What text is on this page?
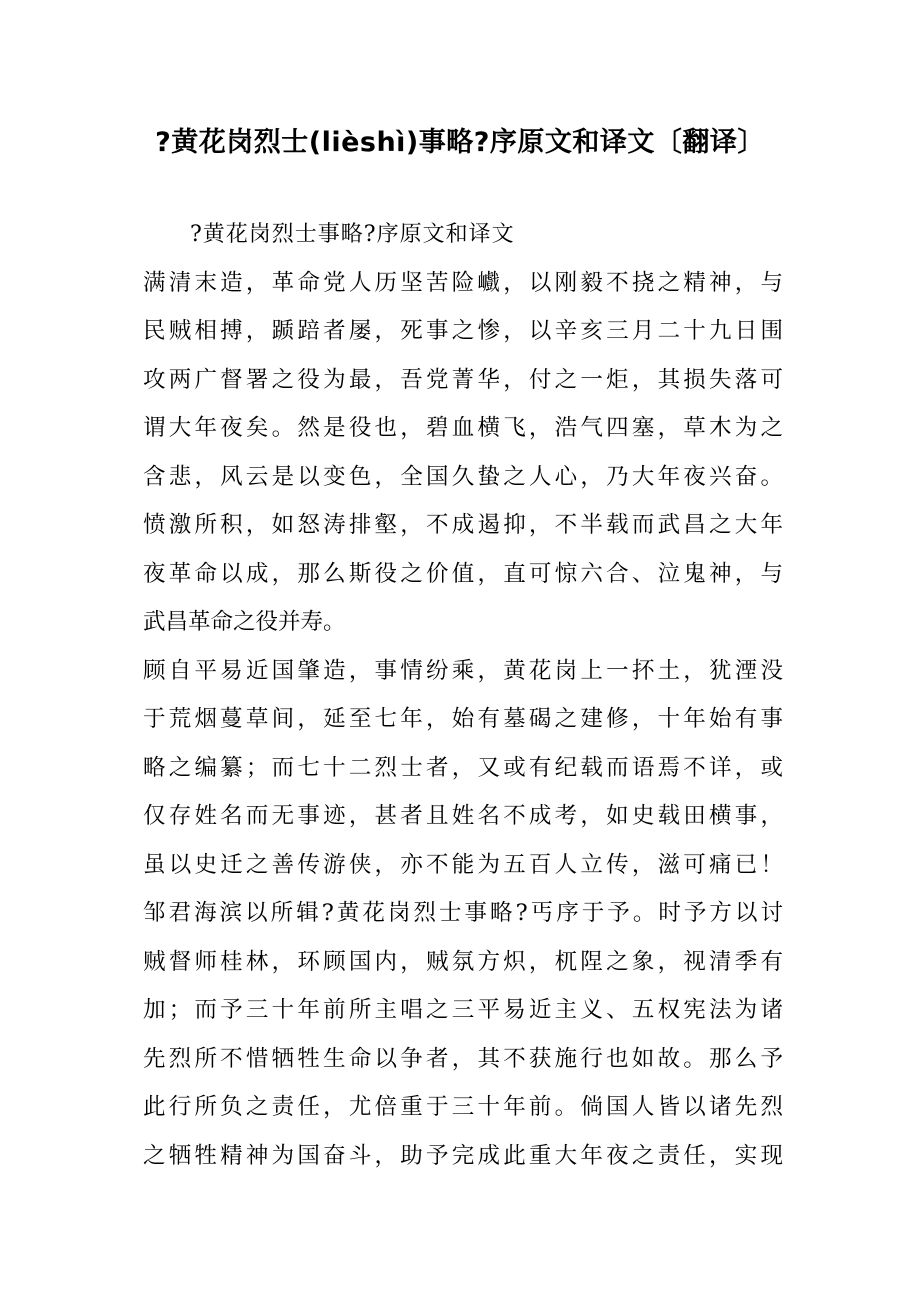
?黄花岗烈士(lièshì)事略?序原文和译文〔翻译〕
?黄花岗烈士事略?序原文和译文
满清末造，革命党人历坚苦险巇，以刚毅不挠之精神，与
民贼相搏，踬踣者屡，死事之惨，以辛亥三月二十九日围
攻两广督署之役为最，吾党菁华，付之一炬，其损失落可
谓大年夜矣。然是役也，碧血横飞，浩气四塞，草木为之
含悲，风云是以变色，全国久蛰之人心，乃大年夜兴奋。
愤激所积，如怒涛排壑，不成遏抑，不半载而武昌之大年
夜革命以成，那么斯役之价值，直可惊六合、泣鬼神，与
武昌革命之役并寿。
顾自平易近国肇造，事情纷乘，黄花岗上一抔土，犹湮没
于荒烟蔓草间，延至七年，始有墓碣之建修，十年始有事
略之编纂；而七十二烈士者，又或有纪载而语焉不详，或
仅存姓名而无事迹，甚者且姓名不成考，如史载田横事，
虽以史迁之善传游侠，亦不能为五百人立传，滋可痛已！
邹君海滨以所辑?黄花岗烈士事略?丐序于予。时予方以讨
贼督师桂林，环顾国内，贼氛方炽，杌陧之象，视清季有
加；而予三十年前所主唱之三平易近主义、五权宪法为诸
先烈所不惜牺牲生命以争者，其不获施行也如故。那么予
此行所负之责任，尤倍重于三十年前。倘国人皆以诸先烈
之牺牲精神为国奋斗，助予完成此重大年夜之责任，实现
